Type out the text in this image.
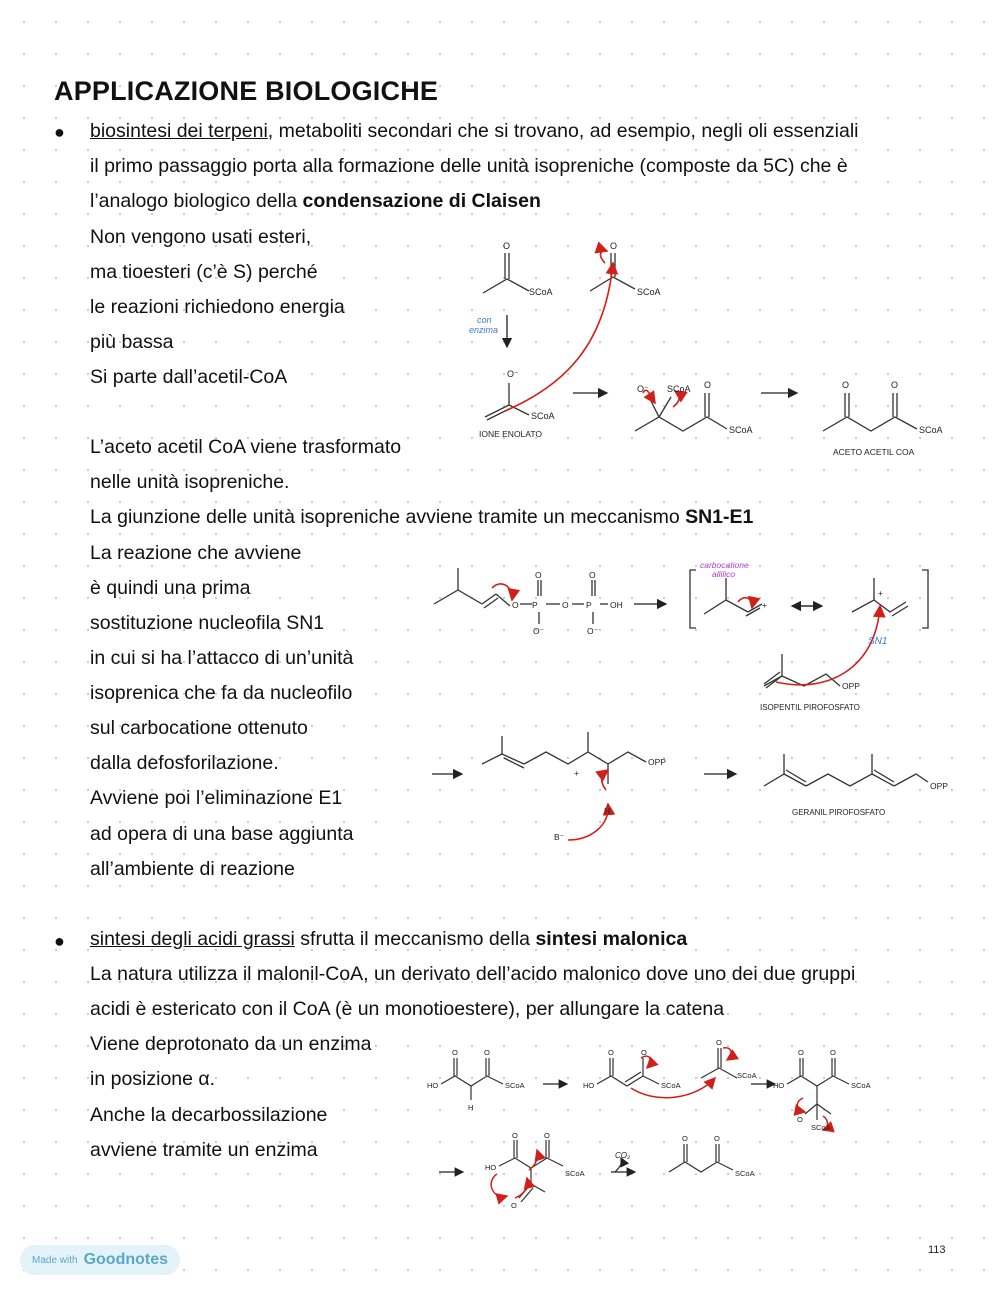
APPLICAZIONE BIOLOGICHE
● biosintesi dei terpeni, metaboliti secondari che si trovano, ad esempio, negli oli essenziali
il primo passaggio porta alla formazione delle unità isopreniche (composte da 5C) che è
l’analogo biologico della condensazione di Claisen
Non vengono usati esteri,
ma tioesteri (c’è S) perché
le reazioni richiedono energia
più bassa
Si parte dall’acetil-CoA
L’aceto acetil CoA viene trasformato
nelle unità isopreniche.
La giunzione delle unità isopreniche avviene tramite un meccanismo SN1-E1
La reazione che avviene
è quindi una prima
sostituzione nucleofila SN1
in cui si ha l’attacco di un’unità
isoprenica che fa da nucleofilo
sul carbocatione ottenuto
dalla defosforilazione.
Avviene poi l’eliminazione E1
ad opera di una base aggiunta
all’ambiente di reazione
● sintesi degli acidi grassi sfrutta il meccanismo della sintesi malonica
La natura utilizza il malonil-CoA, un derivato dell’acido malonico dove uno dei due gruppi
acidi è estericato con il CoA (è un monotioestere), per allungare la catena
Viene deprotonato da un enzima
in posizione α.
Anche la decarbossilazione
avviene tramite un enzima
O
SCoA
O
SCoA
O⁻
SCoA
IONE ENOLATO
O⁻ SCoA O
SCoA
O	O
SCoA
ACETO ACETIL COA
con
enzima
O P
O
O⁻
O P
O
O⁻
OH	+
+
OPP
ISOPENTIL PIROFOSFATO
+
OPP
H
B⁻
OPP
GERANIL PIROFOSFATO
carbocatione
allilico
SN1
O	O
HO	SCoA
H
O	O
HO	SCoA
O
SCoA
O	O
HO	SCoA
O
SCoA
O	O
HO
SCoA
O
CO₂
O	O
SCoA
Made with Goodnotes
113
